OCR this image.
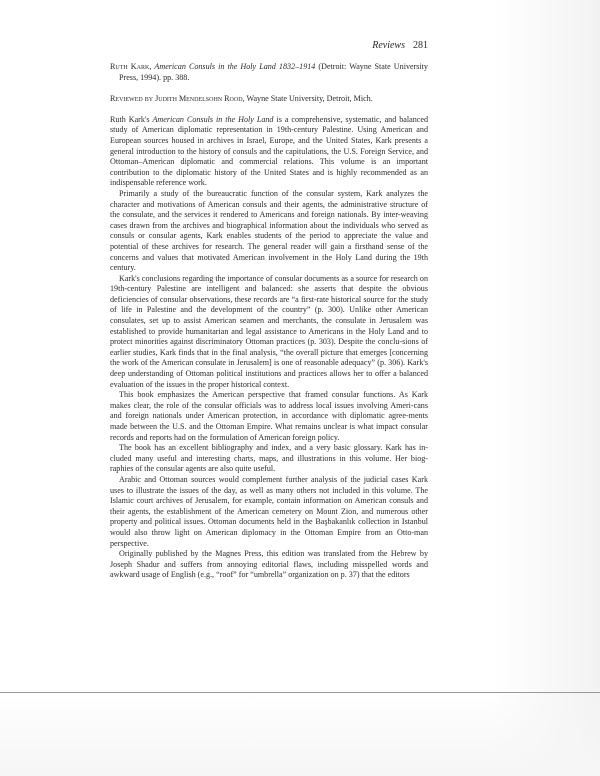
Reviews 281
Ruth Kark, American Consuls in the Holy Land 1832–1914 (Detroit: Wayne State University Press, 1994). pp. 388.
Reviewed by Judith Mendelsohn Rood, Wayne State University, Detroit, Mich.

Ruth Kark's American Consuls in the Holy Land is a comprehensive, systematic, and balanced study of American diplomatic representation in 19th-century Palestine. Using American and European sources housed in archives in Israel, Europe, and the United States, Kark presents a general introduction to the history of consuls and the capitulations, the U.S. Foreign Service, and Ottoman–American diplomatic and commercial relations. This volume is an important contribution to the diplomatic history of the United States and is highly recommended as an indispensable reference work.

Primarily a study of the bureaucratic function of the consular system, Kark analyzes the character and motivations of American consuls and their agents, the administrative structure of the consulate, and the services it rendered to Americans and foreign nationals. By inter-weaving cases drawn from the archives and biographical information about the individuals who served as consuls or consular agents, Kark enables students of the period to appreciate the value and potential of these archives for research. The general reader will gain a firsthand sense of the concerns and values that motivated American involvement in the Holy Land during the 19th century.

Kark's conclusions regarding the importance of consular documents as a source for research on 19th-century Palestine are intelligent and balanced: she asserts that despite the obvious deficiencies of consular observations, these records are “a first-rate historical source for the study of life in Palestine and the development of the country” (p. 300). Unlike other American consulates, set up to assist American seamen and merchants, the consulate in Jerusalem was established to provide humanitarian and legal assistance to Americans in the Holy Land and to protect minorities against discriminatory Ottoman practices (p. 303). Despite the conclu-sions of earlier studies, Kark finds that in the final analysis, “the overall picture that emerges [concerning the work of the American consulate in Jerusalem] is one of reasonable adequacy” (p. 306). Kark's deep understanding of Ottoman political institutions and practices allows her to offer a balanced evaluation of the issues in the proper historical context.

This book emphasizes the American perspective that framed consular functions. As Kark makes clear, the role of the consular officials was to address local issues involving Ameri-cans and foreign nationals under American protection, in accordance with diplomatic agree-ments made between the U.S. and the Ottoman Empire. What remains unclear is what impact consular records and reports had on the formulation of American foreign policy.

The book has an excellent bibliography and index, and a very basic glossary. Kark has in-cluded many useful and interesting charts, maps, and illustrations in this volume. Her biog-raphies of the consular agents are also quite useful.

Arabic and Ottoman sources would complement further analysis of the judicial cases Kark uses to illustrate the issues of the day, as well as many others not included in this volume. The Islamic court archives of Jerusalem, for example, contain information on American consuls and their agents, the establishment of the American cemetery on Mount Zion, and numerous other property and political issues. Ottoman documents held in the Başbakanlık collection in Istanbul would also throw light on American diplomacy in the Ottoman Empire from an Otto-man perspective.

Originally published by the Magnes Press, this edition was translated from the Hebrew by Joseph Shadur and suffers from annoying editorial flaws, including misspelled words and awkward usage of English (e.g., “roof” for “umbrella” organization on p. 37) that the editors
